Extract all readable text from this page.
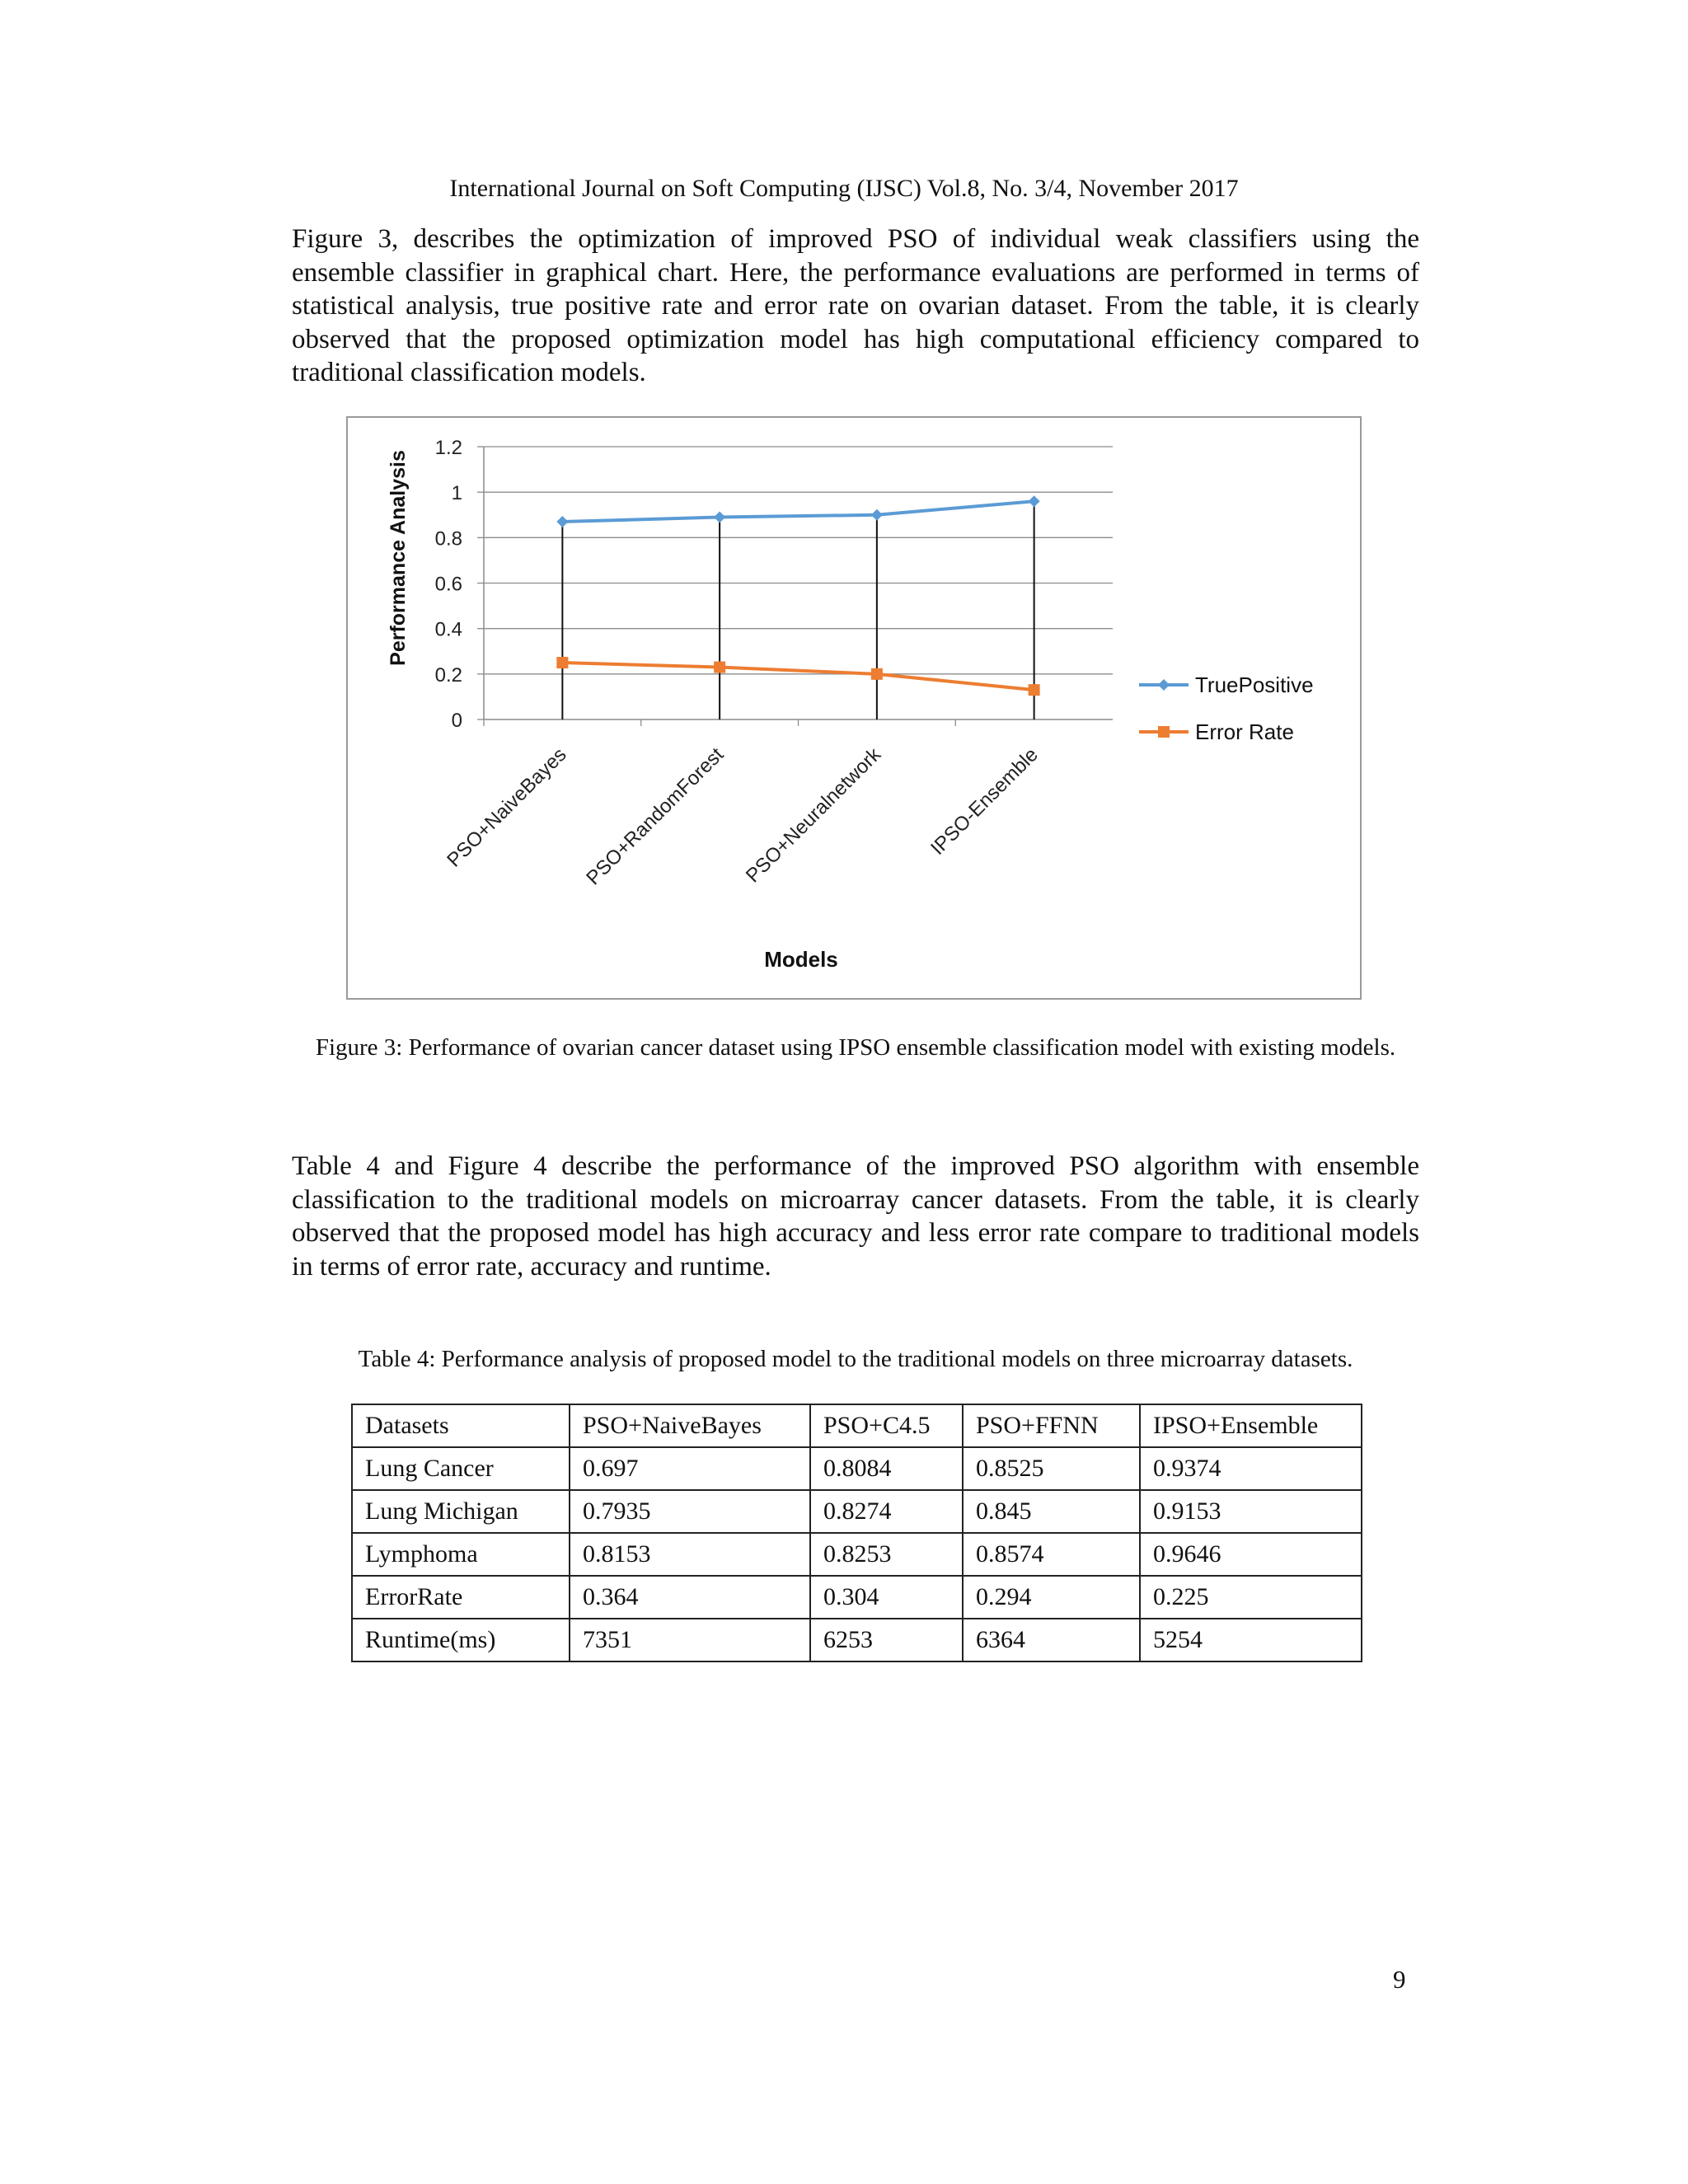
International Journal on Soft Computing (IJSC) Vol.8, No. 3/4, November 2017

Figure 3, describes the optimization of improved PSO of individual weak classifiers using the ensemble classifier in graphical chart. Here, the performance evaluations are performed in terms of statistical analysis, true positive rate and error rate on ovarian dataset. From the table, it is clearly observed that the proposed optimization model has high computational efficiency compared to traditional classification models.

0
0.2
0.4
0.6
0.8
1
1.2
PSO+NaiveBayes PSO+RandomForest PSO+Neuralnetwork IPSO-Ensemble
TruePositive
Error Rate
Performance Analysis
Models
Figure 3: Performance of ovarian cancer dataset using IPSO ensemble classification model with existing models.

Table 4 and Figure 4 describe the performance of the improved PSO algorithm with ensemble classification to the traditional models on microarray cancer datasets. From the table, it is clearly observed that the proposed model has high accuracy and less error rate compare to traditional models in terms of error rate, accuracy and runtime.

Table 4: Performance analysis of proposed model to the traditional models on three microarray datasets.
Datasets	PSO+NaiveBayes	PSO+C4.5	PSO+FFNN	IPSO+Ensemble
Lung Cancer	0.697	0.8084	0.8525	0.9374
Lung Michigan	0.7935	0.8274	0.845	0.9153
Lymphoma	0.8153	0.8253	0.8574	0.9646
ErrorRate	0.364	0.304	0.294	0.225
Runtime(ms)	7351	6253	6364	5254
9
